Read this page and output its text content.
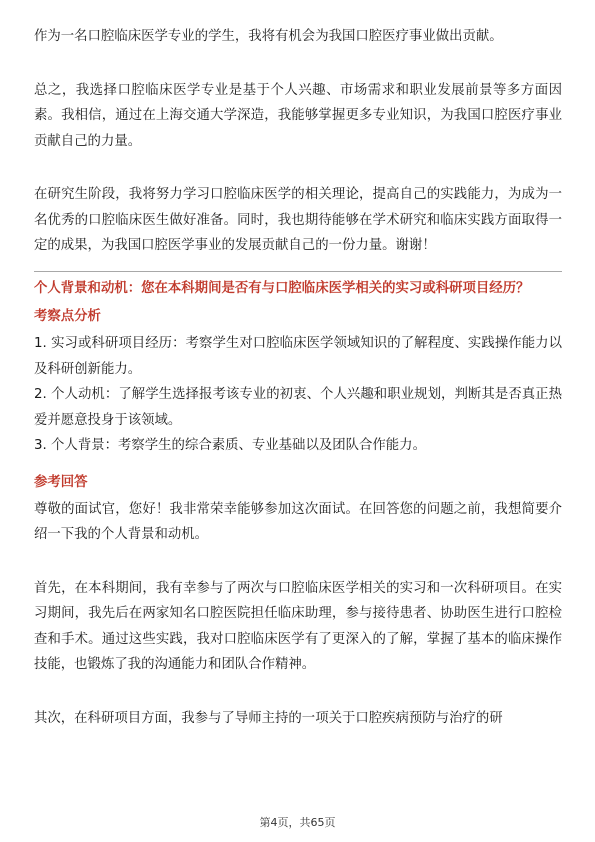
作为一名口腔临床医学专业的学生，我将有机会为我国口腔医疗事业做出贡献。

总之，我选择口腔临床医学专业是基于个人兴趣、市场需求和职业发展前景等多方面因素。我相信，通过在上海交通大学深造，我能够掌握更多专业知识，为我国口腔医疗事业贡献自己的力量。

在研究生阶段，我将努力学习口腔临床医学的相关理论，提高自己的实践能力，为成为一名优秀的口腔临床医生做好准备。同时，我也期待能够在学术研究和临床实践方面取得一定的成果，为我国口腔医学事业的发展贡献自己的一份力量。谢谢！

个人背景和动机：您在本科期间是否有与口腔临床医学相关的实习或科研项目经历？

考察点分析

1. 实习或科研项目经历：考察学生对口腔临床医学领域知识的了解程度、实践操作能力以及科研创新能力。

2. 个人动机：了解学生选择报考该专业的初衷、个人兴趣和职业规划，判断其是否真正热爱并愿意投身于该领域。

3. 个人背景：考察学生的综合素质、专业基础以及团队合作能力。

参考回答

尊敬的面试官，您好！我非常荣幸能够参加这次面试。在回答您的问题之前，我想简要介绍一下我的个人背景和动机。

首先，在本科期间，我有幸参与了两次与口腔临床医学相关的实习和一次科研项目。在实习期间，我先后在两家知名口腔医院担任临床助理，参与接待患者、协助医生进行口腔检查和手术。通过这些实践，我对口腔临床医学有了更深入的了解，掌握了基本的临床操作技能，也锻炼了我的沟通能力和团队合作精神。

其次，在科研项目方面，我参与了导师主持的一项关于口腔疾病预防与治疗的研

第4页，共65页
